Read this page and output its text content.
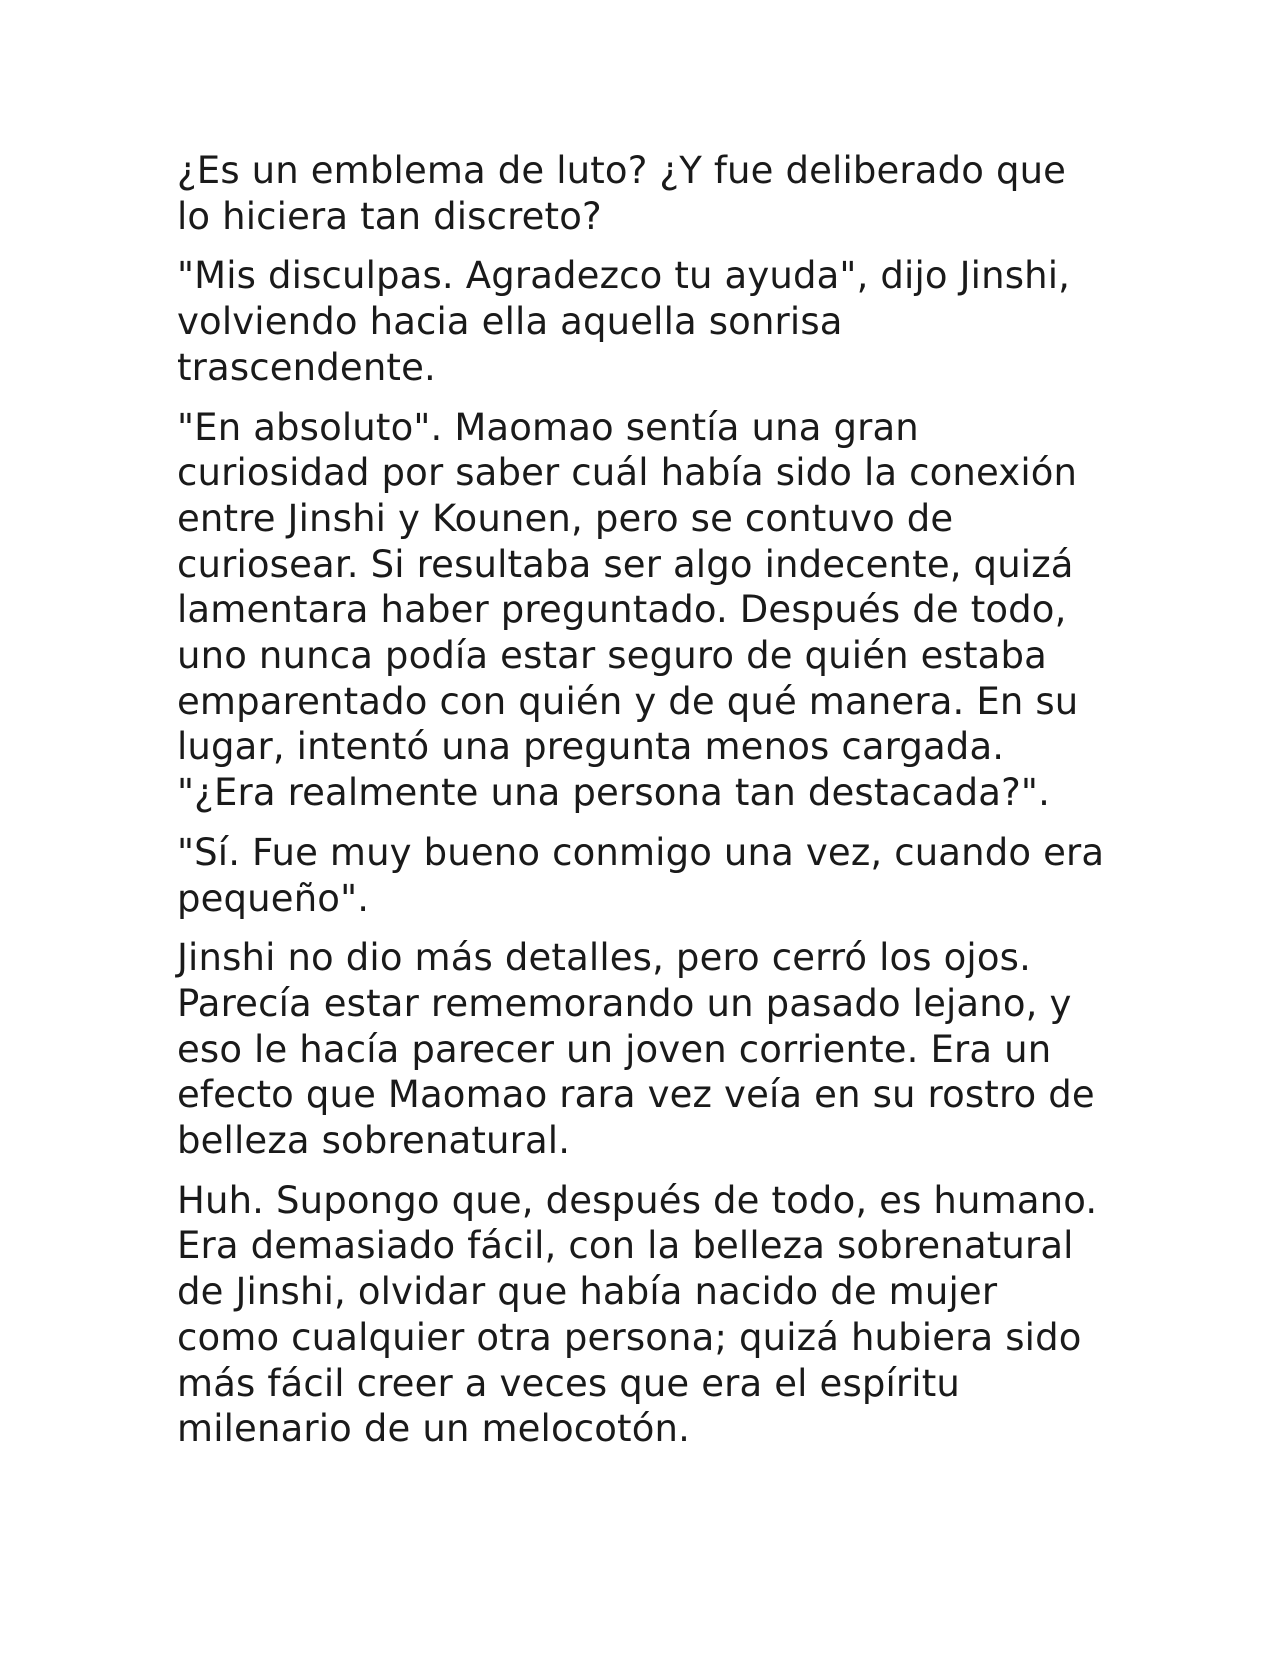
¿Es un emblema de luto? ¿Y fue deliberado que lo hiciera tan discreto?

"Mis disculpas. Agradezco tu ayuda", dijo Jinshi, volviendo hacia ella aquella sonrisa trascendente.

"En absoluto". Maomao sentía una gran curiosidad por saber cuál había sido la conexión entre Jinshi y Kounen, pero se contuvo de curiosear. Si resultaba ser algo indecente, quizá lamentara haber preguntado. Después de todo, uno nunca podía estar seguro de quién estaba emparentado con quién y de qué manera. En su lugar, intentó una pregunta menos cargada. "¿Era realmente una persona tan destacada?".

"Sí. Fue muy bueno conmigo una vez, cuando era pequeño".

Jinshi no dio más detalles, pero cerró los ojos. Parecía estar rememorando un pasado lejano, y eso le hacía parecer un joven corriente. Era un efecto que Maomao rara vez veía en su rostro de belleza sobrenatural.

Huh. Supongo que, después de todo, es humano. Era demasiado fácil, con la belleza sobrenatural de Jinshi, olvidar que había nacido de mujer como cualquier otra persona; quizá hubiera sido más fácil creer a veces que era el espíritu milenario de un melocotón.
